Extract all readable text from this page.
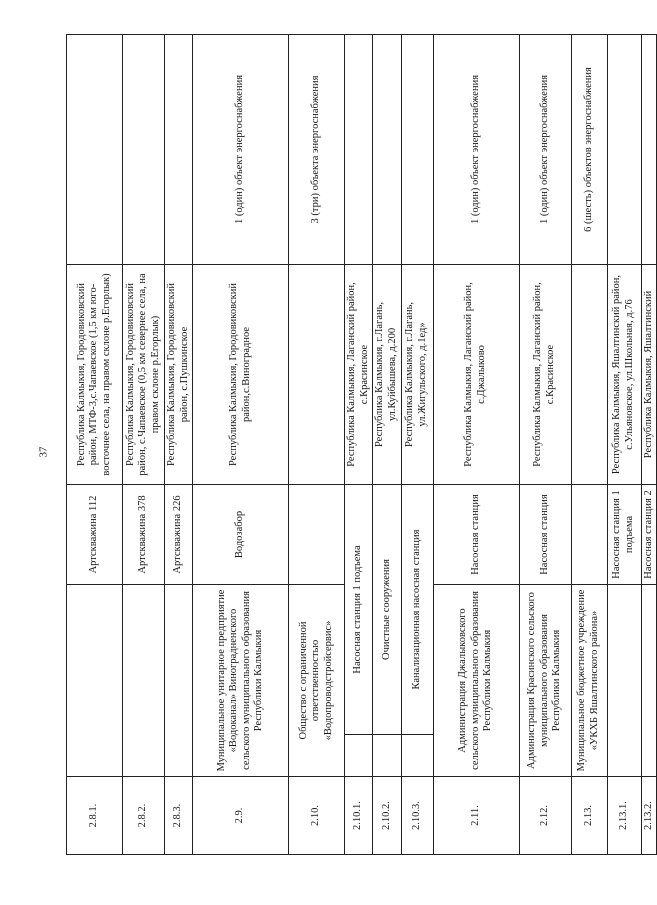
37
2.8.1.			Артскважина 112	Республика Калмыкия, Городовиковский район, МТФ-3,с.Чапаевское (1,5 км юго-восточнее села, на правом склоне р.Егорлык)	
2.8.2.			Артскважина 378	Республика Калмыкия, Городовиковский район, с.Чапаевское (0,5 км севернее села, на правом склоне р.Егорлык)	
2.8.3.			Артскважина 226	Республика Калмыкия, Городовиковский район, с.Пушкинское	
2.9.	Муниципальное унитарное предприятие «Водоканал» Виноградненского сельского муниципального образования Республики Калмыкия		Водозабор	Республика Калмыкия, Городовиковский район,с.Виноградное	1 (один) объект энергоснабжения
2.10.	Общество с ограниченной ответственностью «Водопроводстройсервис»				3 (три) объекта энергоснабжения
2.10.1.		Насосная станция 1 подъема		Республика Калмыкия, Лаганский район, с.Красинское	
2.10.2.		Очистные сооружения		Республика Калмыкия, г.Лагань, ул.Куйбышева, д.200	
2.10.3.		Канализационная насосная станция		Республика Калмыкия, г.Лагань, ул.Жигульского, д.1ед»	
2.11.	Администрация Джалыковского сельского муниципального образования Республики Калмыкия		Насосная станция	Республика Калмыкия, Лаганский район, с.Джалыково	1 (один) объект энергоснабжения
2.12.	Администрация Красинского сельского муниципального образования Республики Калмыкия		Насосная станция	Республика Калмыкия, Лаганский район, с.Красинское	1 (один) объект энергоснабжения
2.13.	Муниципальное бюджетное учреждение «УКХБ Яшалтинского района»				6 (шесть) объектов энергоснабжения
2.13.1.			Насосная станция 1 подъема	Республика Калмыкия, Яшалтинский район, с.Ульяновское, ул.Школьная, д.76	
2.13.2.			Насосная станция 2	Республика Калмыкия, Яшалтинский	
